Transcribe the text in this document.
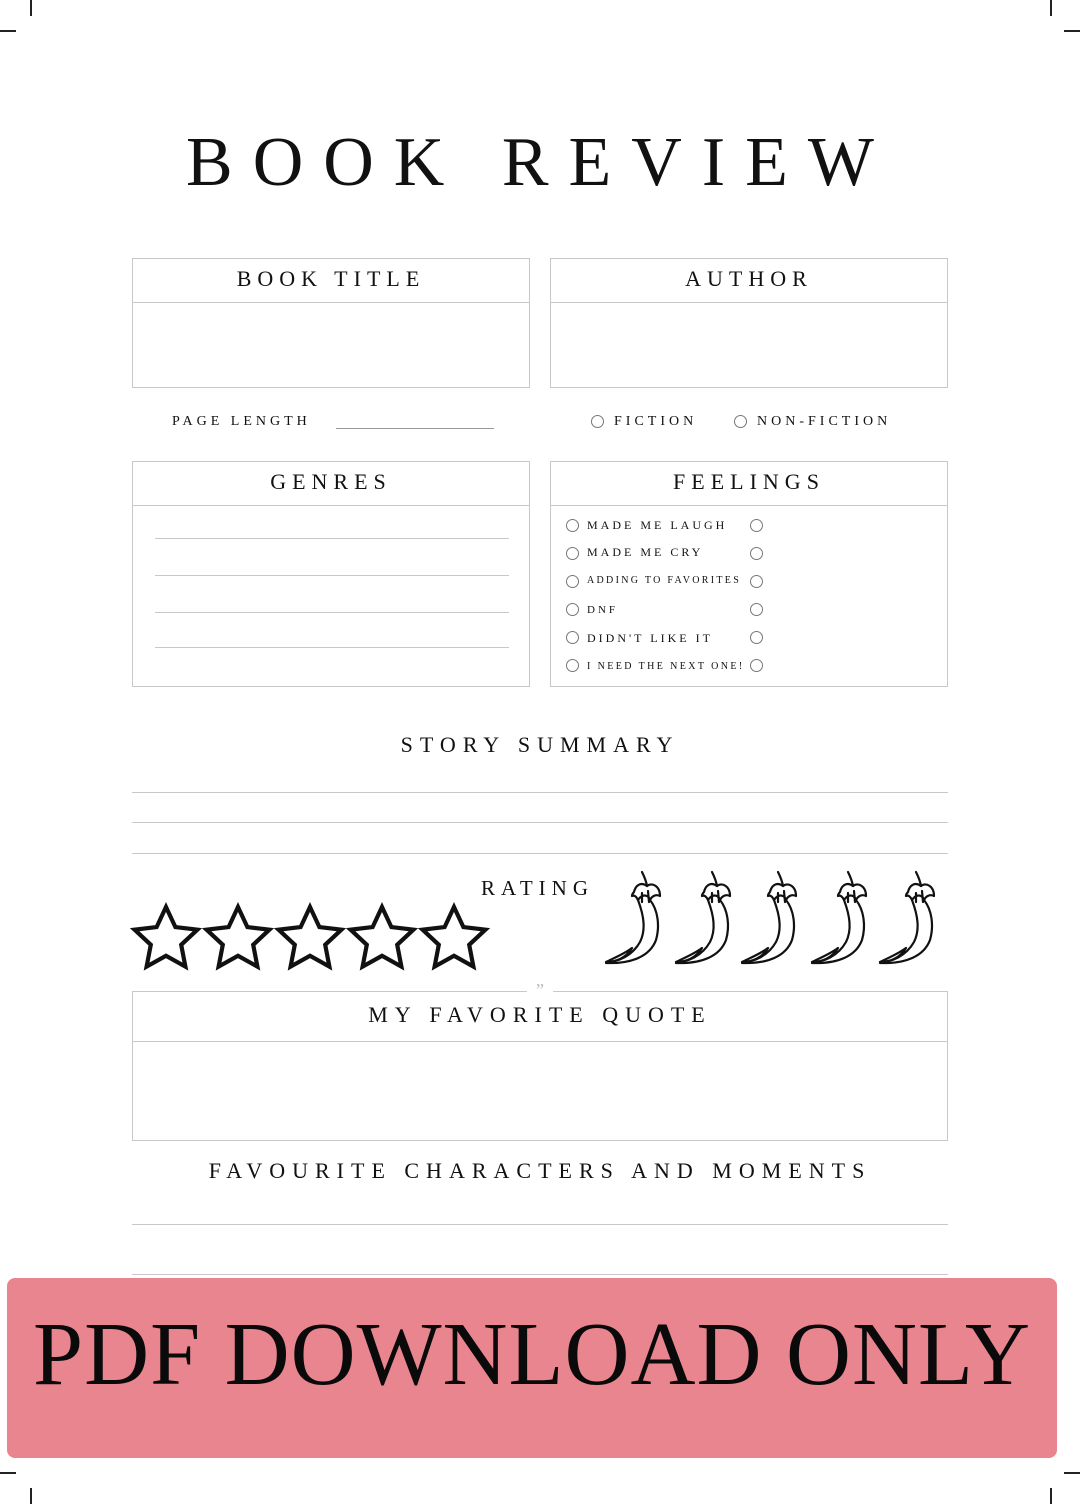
BOOK REVIEW
BOOK TITLE	AUTHOR
PAGE LENGTH	FICTION	NON-FICTION
GENRES	FEELINGS
MADE ME LAUGH
MADE ME CRY
ADDING TO FAVORITES
DNF
DIDN'T LIKE IT
I NEED THE NEXT ONE!
STORY SUMMARY
RATING
MY FAVORITE QUOTE
”
FAVOURITE CHARACTERS AND MOMENTS
PDF DOWNLOAD ONLY
